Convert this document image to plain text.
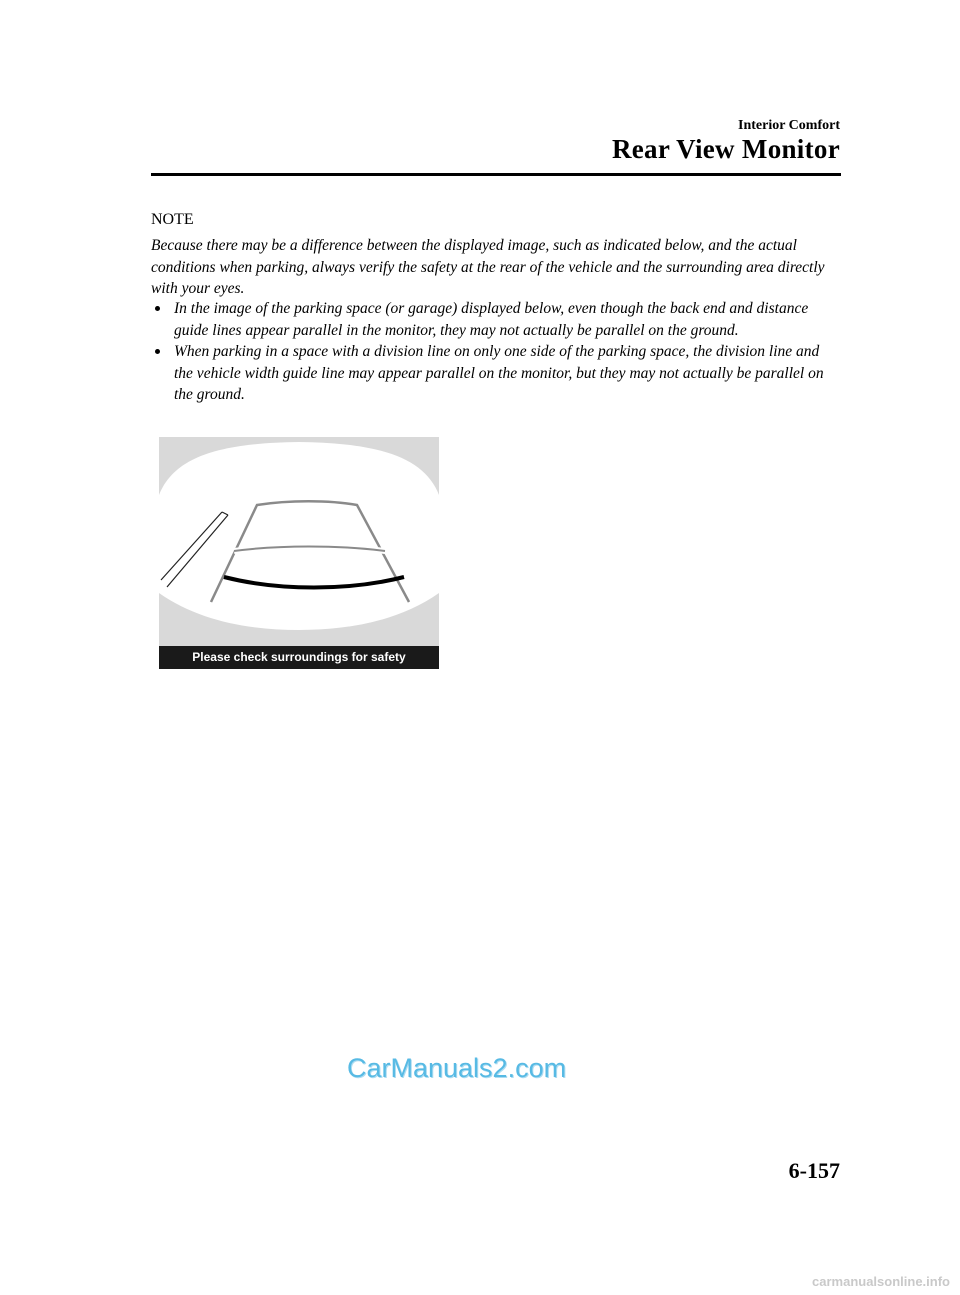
Interior Comfort
Rear View Monitor
NOTE
Because there may be a difference between the displayed image, such as indicated below, and the actual conditions when parking, always verify the safety at the rear of the vehicle and the surrounding area directly with your eyes.
In the image of the parking space (or garage) displayed below, even though the back end and distance guide lines appear parallel in the monitor, they may not actually be parallel on the ground.
When parking in a space with a division line on only one side of the parking space, the division line and the vehicle width guide line may appear parallel on the monitor, but they may not actually be parallel on the ground.
Please check surroundings for safety
CarManuals2.com
6-157
carmanualsonline.info
